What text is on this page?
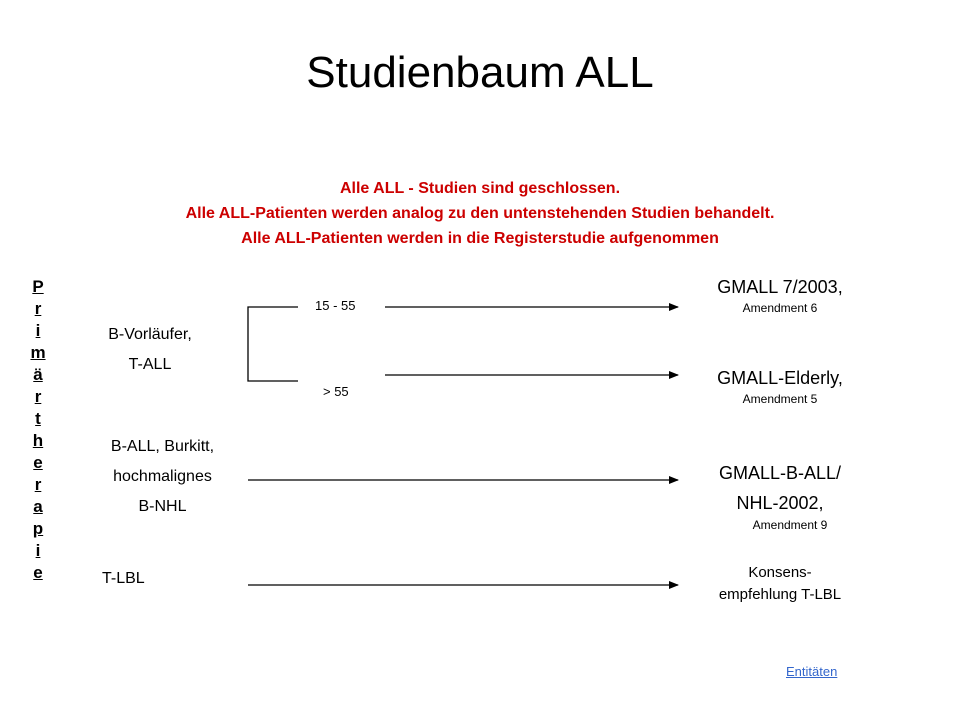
Studienbaum ALL
Alle ALL - Studien sind geschlossen.
Alle ALL-Patienten werden analog zu den untenstehenden Studien behandelt.
Alle ALL-Patienten werden in die Registerstudie aufgenommen
P
r
i
m
ä
r
t
h
e
r
a
p
i
e
B-Vorläufer,
T-ALL
B-ALL, Burkitt,
hochmalignes
B-NHL
T-LBL
15 - 55
> 55
GMALL 7/2003,
Amendment 6
GMALL-Elderly,
Amendment 5
GMALL-B-ALL/
NHL-2002,
Amendment 9
Konsens-
empfehlung T-LBL
Entitäten
